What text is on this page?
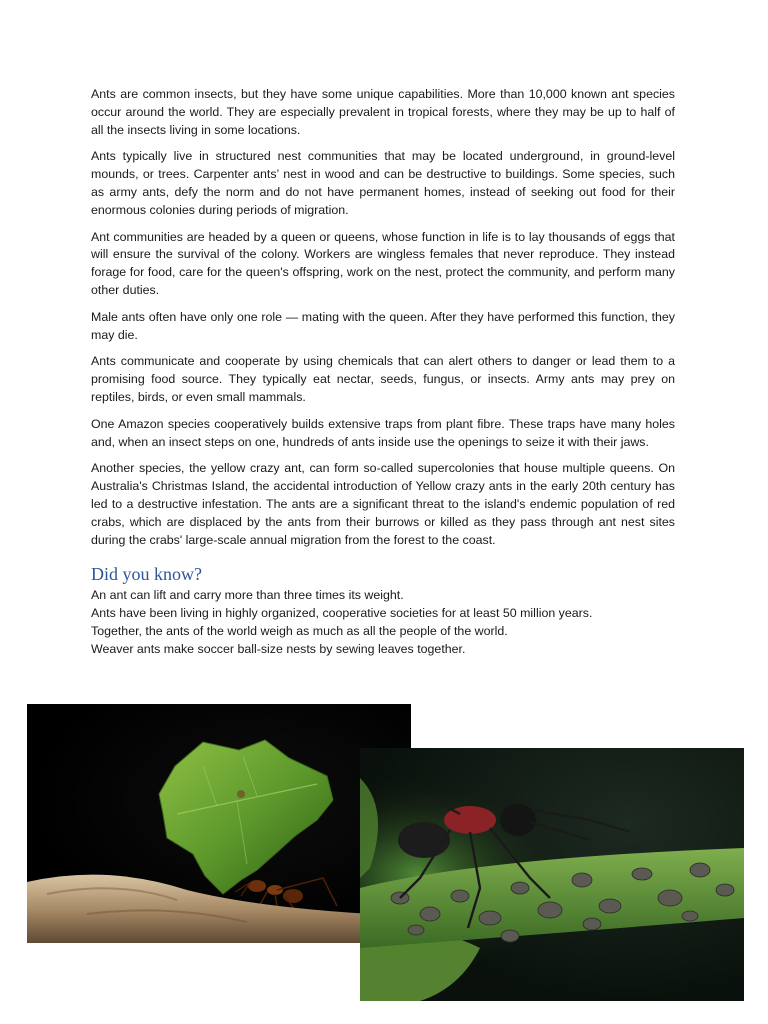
Ants are common insects, but they have some unique capabilities. More than 10,000 known ant species occur around the world. They are especially prevalent in tropical forests, where they may be up to half of all the insects living in some locations.

Ants typically live in structured nest communities that may be located underground, in ground-level mounds, or trees. Carpenter ants’ nest in wood and can be destructive to buildings. Some species, such as army ants, defy the norm and do not have permanent homes, instead of seeking out food for their enormous colonies during periods of migration.

Ant communities are headed by a queen or queens, whose function in life is to lay thousands of eggs that will ensure the survival of the colony. Workers are wingless females that never reproduce. They instead forage for food, care for the queen's offspring, work on the nest, protect the community, and perform many other duties.

Male ants often have only one role — mating with the queen. After they have performed this function, they may die.

Ants communicate and cooperate by using chemicals that can alert others to danger or lead them to a promising food source. They typically eat nectar, seeds, fungus, or insects. Army ants may prey on reptiles, birds, or even small mammals.

One Amazon species cooperatively builds extensive traps from plant fibre. These traps have many holes and, when an insect steps on one, hundreds of ants inside use the openings to seize it with their jaws.

Another species, the yellow crazy ant, can form so-called supercolonies that house multiple queens. On Australia's Christmas Island, the accidental introduction of Yellow crazy ants in the early 20th century has led to a destructive infestation. The ants are a significant threat to the island's endemic population of red crabs, which are displaced by the ants from their burrows or killed as they pass through ant nest sites during the crabs' large-scale annual migration from the forest to the coast.

Did you know?

An ant can lift and carry more than three times its weight.

Ants have been living in highly organized, cooperative societies for at least 50 million years.

Together, the ants of the world weigh as much as all the people of the world.

Weaver ants make soccer ball-size nests by sewing leaves together.
